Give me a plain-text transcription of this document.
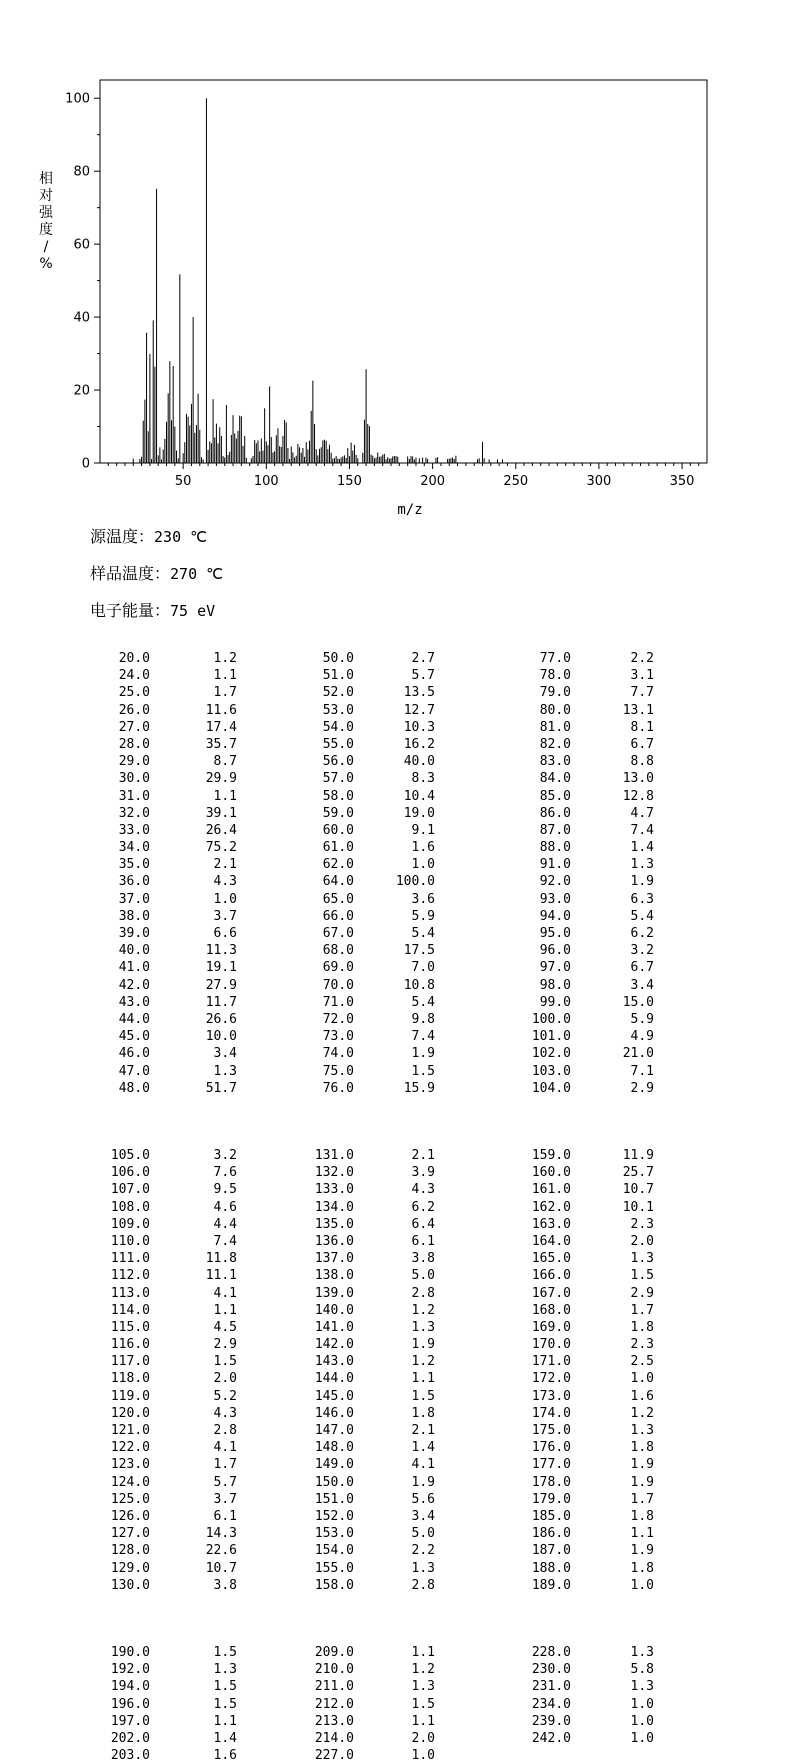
相
对
强
度
/
%
0
20
40
60
80
100
50	100	150	200	250	300	350
m/z
源温度：230 ℃
样品温度：270 ℃
电子能量：75 eV
20.0	1.2	50.0	2.7	77.0	2.2
24.0	1.1	51.0	5.7	78.0	3.1
25.0	1.7	52.0	13.5	79.0	7.7
26.0	11.6	53.0	12.7	80.0	13.1
27.0	17.4	54.0	10.3	81.0	8.1
28.0	35.7	55.0	16.2	82.0	6.7
29.0	8.7	56.0	40.0	83.0	8.8
30.0	29.9	57.0	8.3	84.0	13.0
31.0	1.1	58.0	10.4	85.0	12.8
32.0	39.1	59.0	19.0	86.0	4.7
33.0	26.4	60.0	9.1	87.0	7.4
34.0	75.2	61.0	1.6	88.0	1.4
35.0	2.1	62.0	1.0	91.0	1.3
36.0	4.3	64.0	100.0	92.0	1.9
37.0	1.0	65.0	3.6	93.0	6.3
38.0	3.7	66.0	5.9	94.0	5.4
39.0	6.6	67.0	5.4	95.0	6.2
40.0	11.3	68.0	17.5	96.0	3.2
41.0	19.1	69.0	7.0	97.0	6.7
42.0	27.9	70.0	10.8	98.0	3.4
43.0	11.7	71.0	5.4	99.0	15.0
44.0	26.6	72.0	9.8	100.0	5.9
45.0	10.0	73.0	7.4	101.0	4.9
46.0	3.4	74.0	1.9	102.0	21.0
47.0	1.3	75.0	1.5	103.0	7.1
48.0	51.7	76.0	15.9	104.0	2.9
105.0	3.2	131.0	2.1	159.0	11.9
106.0	7.6	132.0	3.9	160.0	25.7
107.0	9.5	133.0	4.3	161.0	10.7
108.0	4.6	134.0	6.2	162.0	10.1
109.0	4.4	135.0	6.4	163.0	2.3
110.0	7.4	136.0	6.1	164.0	2.0
111.0	11.8	137.0	3.8	165.0	1.3
112.0	11.1	138.0	5.0	166.0	1.5
113.0	4.1	139.0	2.8	167.0	2.9
114.0	1.1	140.0	1.2	168.0	1.7
115.0	4.5	141.0	1.3	169.0	1.8
116.0	2.9	142.0	1.9	170.0	2.3
117.0	1.5	143.0	1.2	171.0	2.5
118.0	2.0	144.0	1.1	172.0	1.0
119.0	5.2	145.0	1.5	173.0	1.6
120.0	4.3	146.0	1.8	174.0	1.2
121.0	2.8	147.0	2.1	175.0	1.3
122.0	4.1	148.0	1.4	176.0	1.8
123.0	1.7	149.0	4.1	177.0	1.9
124.0	5.7	150.0	1.9	178.0	1.9
125.0	3.7	151.0	5.6	179.0	1.7
126.0	6.1	152.0	3.4	185.0	1.8
127.0	14.3	153.0	5.0	186.0	1.1
128.0	22.6	154.0	2.2	187.0	1.9
129.0	10.7	155.0	1.3	188.0	1.8
130.0	3.8	158.0	2.8	189.0	1.0
190.0	1.5	209.0	1.1	228.0	1.3
192.0	1.3	210.0	1.2	230.0	5.8
194.0	1.5	211.0	1.3	231.0	1.3
196.0	1.5	212.0	1.5	234.0	1.0
197.0	1.1	213.0	1.1	239.0	1.0
202.0	1.4	214.0	2.0	242.0	1.0
203.0	1.6	227.0	1.0
